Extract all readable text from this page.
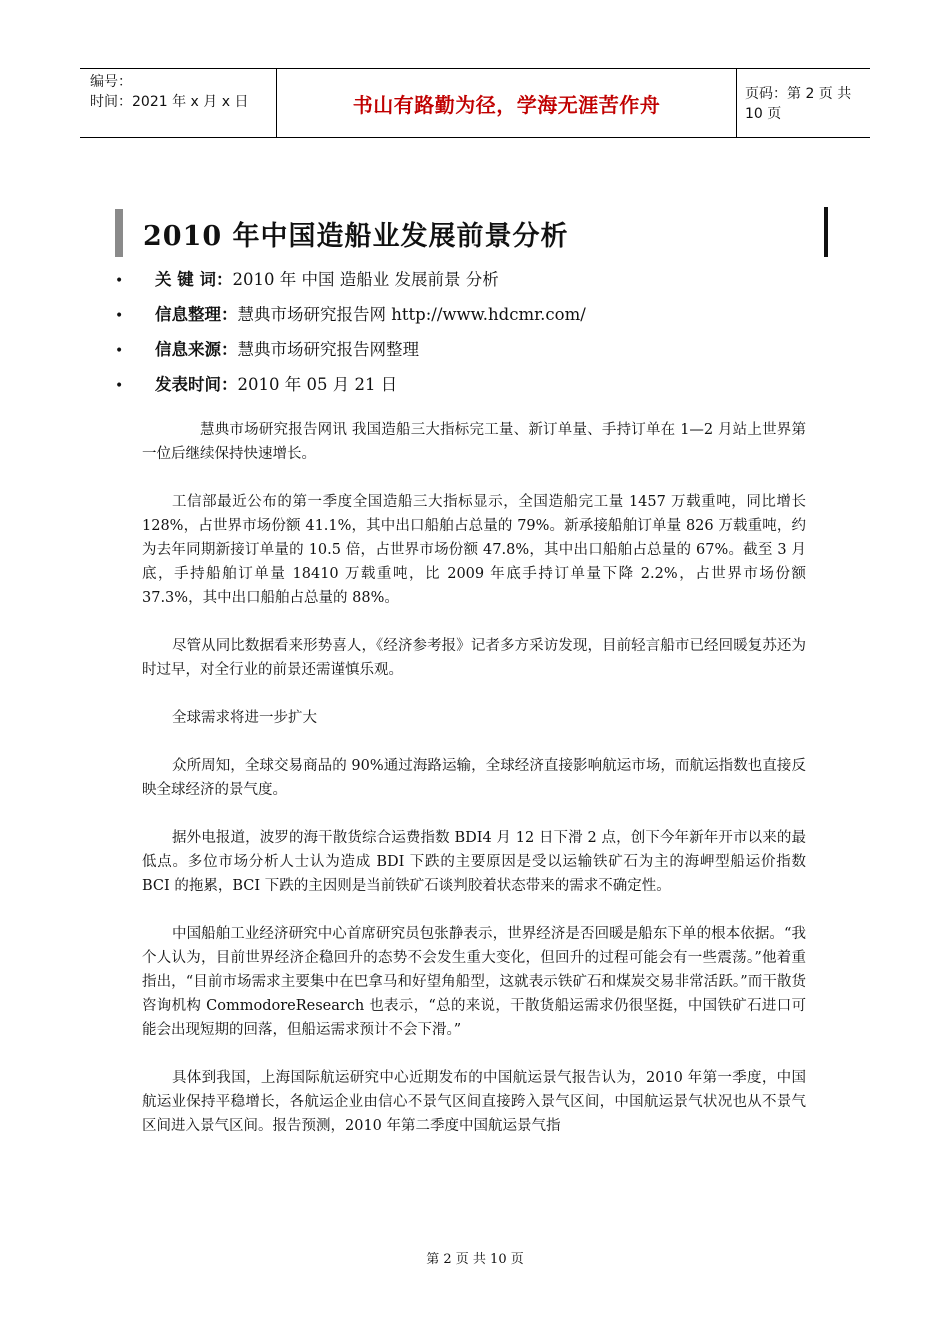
编号：
时间：2021 年 x 月 x 日	书山有路勤为径，学海无涯苦作舟	页码：第 2 页 共 10 页
2010 年中国造船业发展前景分析
• 关 键 词：2010 年 中国 造船业 发展前景 分析
• 信息整理：慧典市场研究报告网 http://www.hdcmr.com/
• 信息来源：慧典市场研究报告网整理
• 发表时间：2010 年 05 月 21 日

慧典市场研究报告网讯 我国造船三大指标完工量、新订单量、手持订单在 1—2 月站上世界第一位后继续保持快速增长。

工信部最近公布的第一季度全国造船三大指标显示，全国造船完工量 1457 万载重吨，同比增长 128%，占世界市场份额 41.1%，其中出口船舶占总量的 79%。新承接船舶订单量 826 万载重吨，约为去年同期新接订单量的 10.5 倍，占世界市场份额 47.8%，其中出口船舶占总量的 67%。截至 3 月底，手持船舶订单量 18410 万载重吨，比 2009 年底手持订单量下降 2.2%，占世界市场份额 37.3%，其中出口船舶占总量的 88%。

尽管从同比数据看来形势喜人，《经济参考报》记者多方采访发现，目前轻言船市已经回暖复苏还为时过早，对全行业的前景还需谨慎乐观。

全球需求将进一步扩大

众所周知，全球交易商品的 90%通过海路运输，全球经济直接影响航运市场，而航运指数也直接反映全球经济的景气度。

据外电报道，波罗的海干散货综合运费指数 BDI4 月 12 日下滑 2 点，创下今年新年开市以来的最低点。多位市场分析人士认为造成 BDI 下跌的主要原因是受以运输铁矿石为主的海岬型船运价指数 BCI 的拖累，BCI 下跌的主因则是当前铁矿石谈判胶着状态带来的需求不确定性。

中国船舶工业经济研究中心首席研究员包张静表示，世界经济是否回暖是船东下单的根本依据。“我个人认为，目前世界经济企稳回升的态势不会发生重大变化，但回升的过程可能会有一些震荡。”他着重指出，“目前市场需求主要集中在巴拿马和好望角船型，这就表示铁矿石和煤炭交易非常活跃。”而干散货咨询机构 CommodoreResearch 也表示，“总的来说，干散货船运需求仍很坚挺，中国铁矿石进口可能会出现短期的回落，但船运需求预计不会下滑。”

具体到我国，上海国际航运研究中心近期发布的中国航运景气报告认为，2010 年第一季度，中国航运业保持平稳增长，各航运企业由信心不景气区间直接跨入景气区间，中国航运景气状况也从不景气区间进入景气区间。报告预测，2010 年第二季度中国航运景气指

第 2 页 共 10 页
